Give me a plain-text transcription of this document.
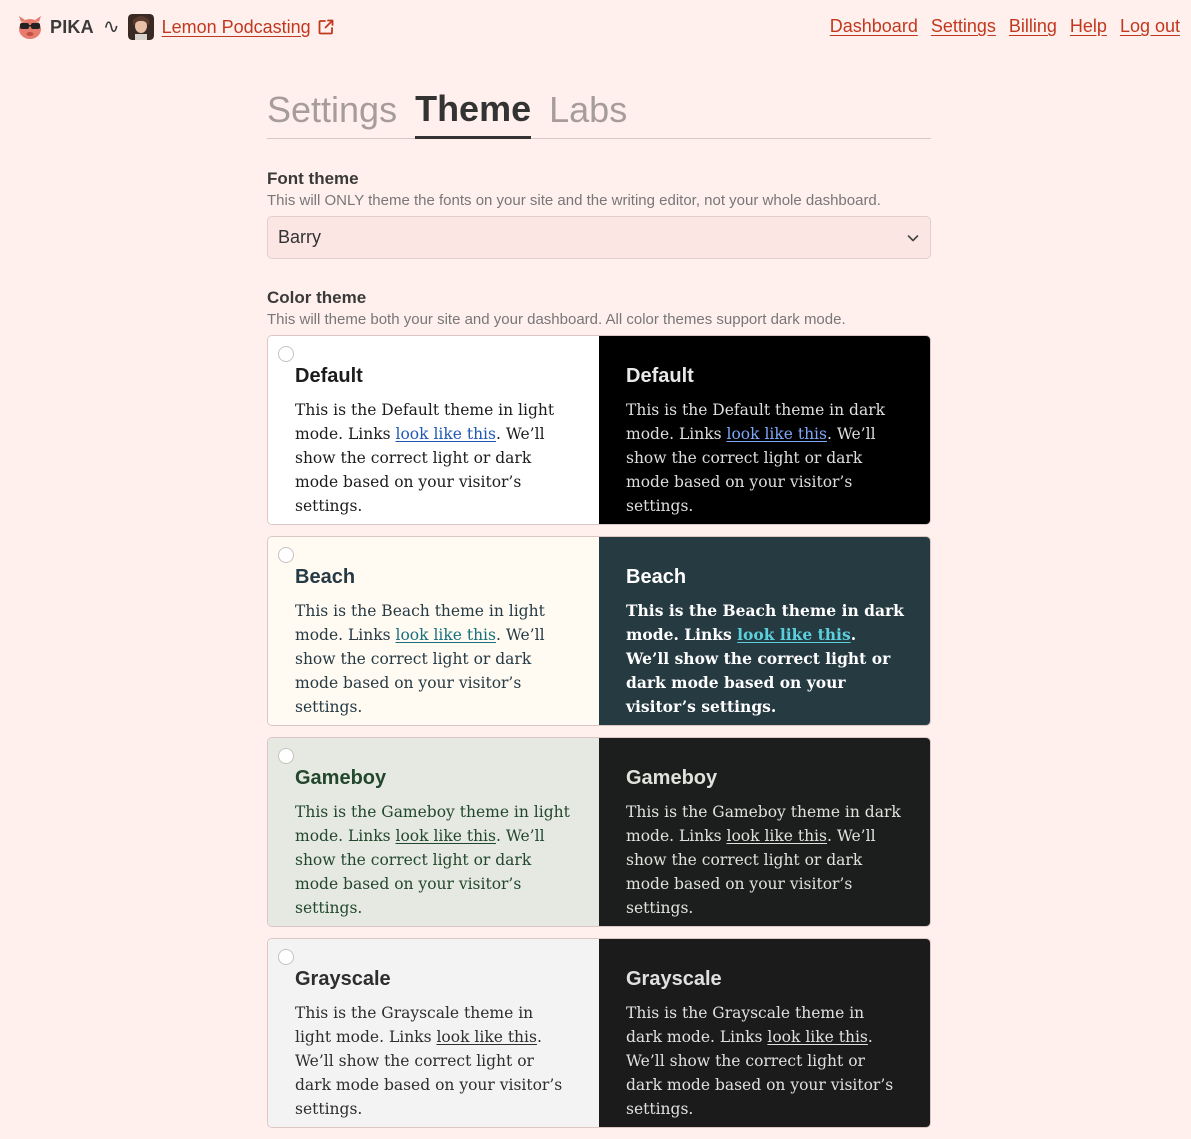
PIKA ∿ Lemon Podcasting	Dashboard Settings Billing Help Log out
Settings Theme Labs
Font theme
This will ONLY theme the fonts on your site and the writing editor, not your whole dashboard.
Barry
Color theme
This will theme both your site and your dashboard. All color themes support dark mode.
Default
This is the Default theme in light mode. Links look like this. We’ll show the correct light or dark mode based on your visitor’s settings.
Default
This is the Default theme in dark mode. Links look like this. We’ll show the correct light or dark mode based on your visitor’s settings.
Beach
This is the Beach theme in light mode. Links look like this. We’ll show the correct light or dark mode based on your visitor’s settings.
Beach
This is the Beach theme in dark mode. Links look like this. We’ll show the correct light or dark mode based on your visitor’s settings.
Gameboy
This is the Gameboy theme in light mode. Links look like this. We’ll show the correct light or dark mode based on your visitor’s settings.
Gameboy
This is the Gameboy theme in dark mode. Links look like this. We’ll show the correct light or dark mode based on your visitor’s settings.
Grayscale
This is the Grayscale theme in light mode. Links look like this. We’ll show the correct light or dark mode based on your visitor’s settings.
Grayscale
This is the Grayscale theme in dark mode. Links look like this. We’ll show the correct light or dark mode based on your visitor’s settings.
